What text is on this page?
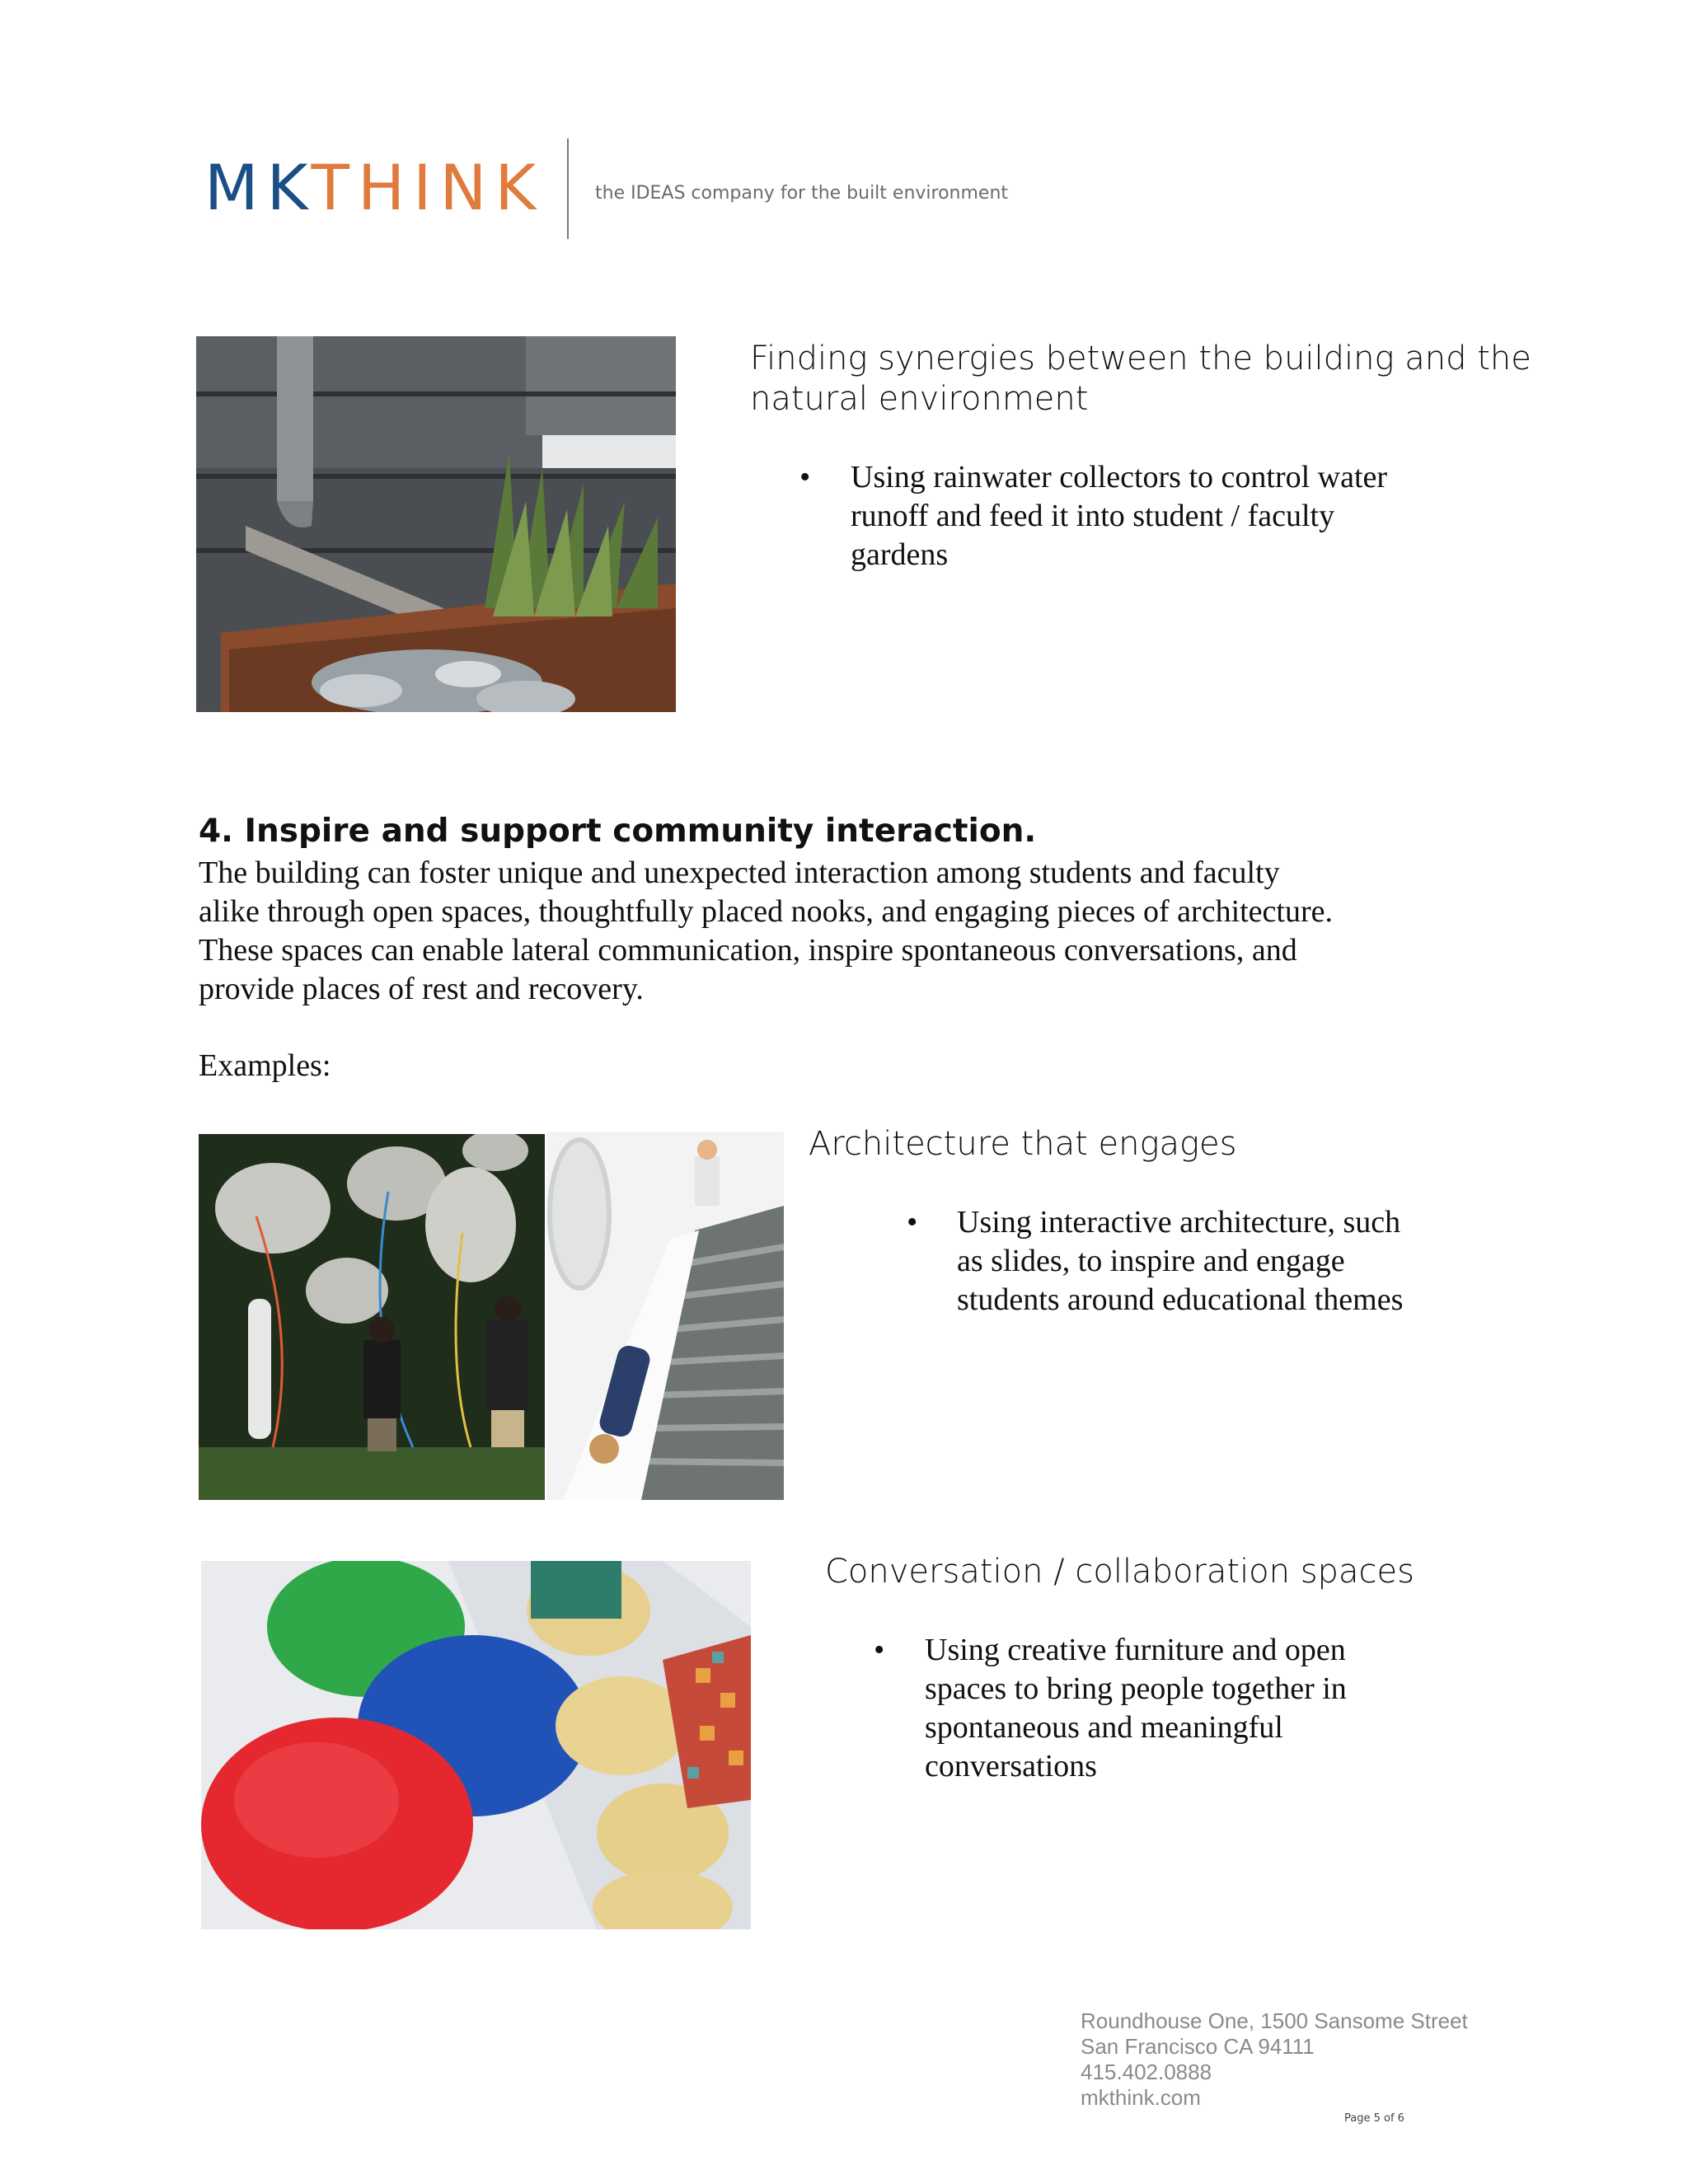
MKTHINK	the IDEAS company for the built environment
Finding synergies between the building and the
natural environment
• Using rainwater collectors to control water
runoff and feed it into student / faculty
gardens
4. Inspire and support community interaction.
The building can foster unique and unexpected interaction among students and faculty
alike through open spaces, thoughtfully placed nooks, and engaging pieces of architecture.
These spaces can enable lateral communication, inspire spontaneous conversations, and
provide places of rest and recovery.
Examples:
Architecture that engages
• Using interactive architecture, such
as slides, to inspire and engage
students around educational themes
Conversation / collaboration spaces
• Using creative furniture and open
spaces to bring people together in
spontaneous and meaningful
conversations
Roundhouse One, 1500 Sansome Street
San Francisco CA 94111
415.402.0888
mkthink.com
Page 5 of 6
